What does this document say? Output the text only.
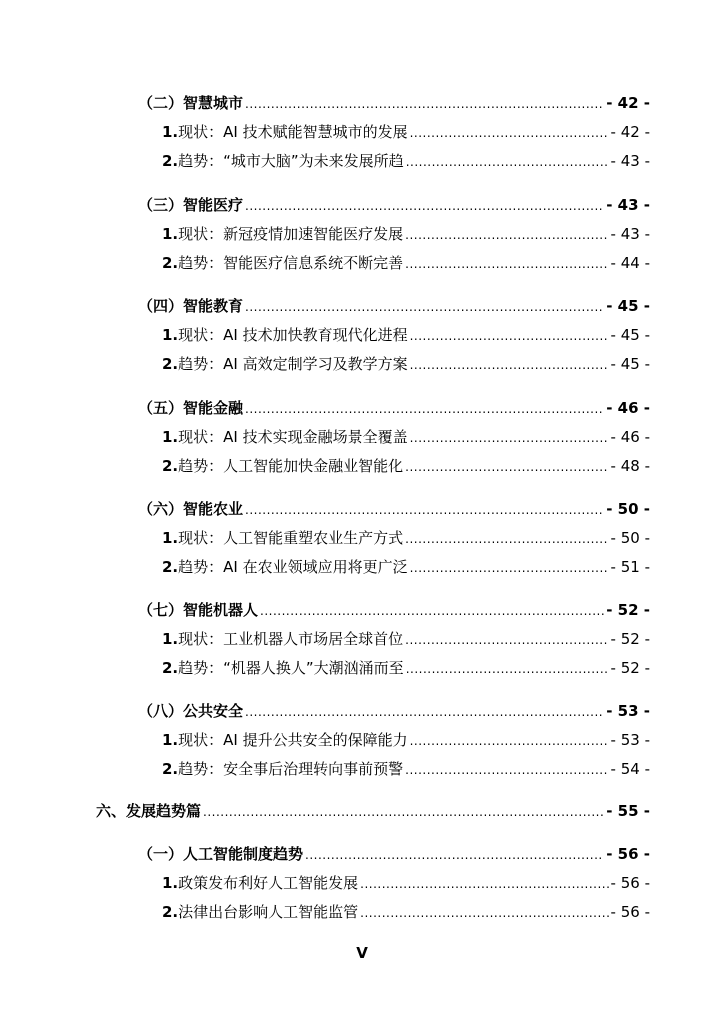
（二）智慧城市 .....	- 42 -
1.现状：AI 技术赋能智慧城市的发展 .....	- 42 -
2.趋势：“城市大脑”为未来发展所趋 .....	- 43 -
（三）智能医疗 .....	- 43 -
1.现状：新冠疫情加速智能医疗发展 .....	- 43 -
2.趋势：智能医疗信息系统不断完善 .....	- 44 -
（四）智能教育 .....	- 45 -
1.现状：AI 技术加快教育现代化进程 .....	- 45 -
2.趋势：AI 高效定制学习及教学方案 .....	- 45 -
（五）智能金融 .....	- 46 -
1.现状：AI 技术实现金融场景全覆盖 .....	- 46 -
2.趋势：人工智能加快金融业智能化 .....	- 48 -
（六）智能农业 .....	- 50 -
1.现状：人工智能重塑农业生产方式 .....	- 50 -
2.趋势：AI 在农业领域应用将更广泛 .....	- 51 -
（七）智能机器人 .....	- 52 -
1.现状：工业机器人市场居全球首位 .....	- 52 -
2.趋势：“机器人换人”大潮汹涌而至 .....	- 52 -
（八）公共安全 .....	- 53 -
1.现状：AI 提升公共安全的保障能力 .....	- 53 -
2.趋势：安全事后治理转向事前预警 .....	- 54 -
六、发展趋势篇 .....	- 55 -
（一）人工智能制度趋势 .....	- 56 -
1.政策发布利好人工智能发展 .....	- 56 -
2.法律出台影响人工智能监管 .....	- 56 -
V
